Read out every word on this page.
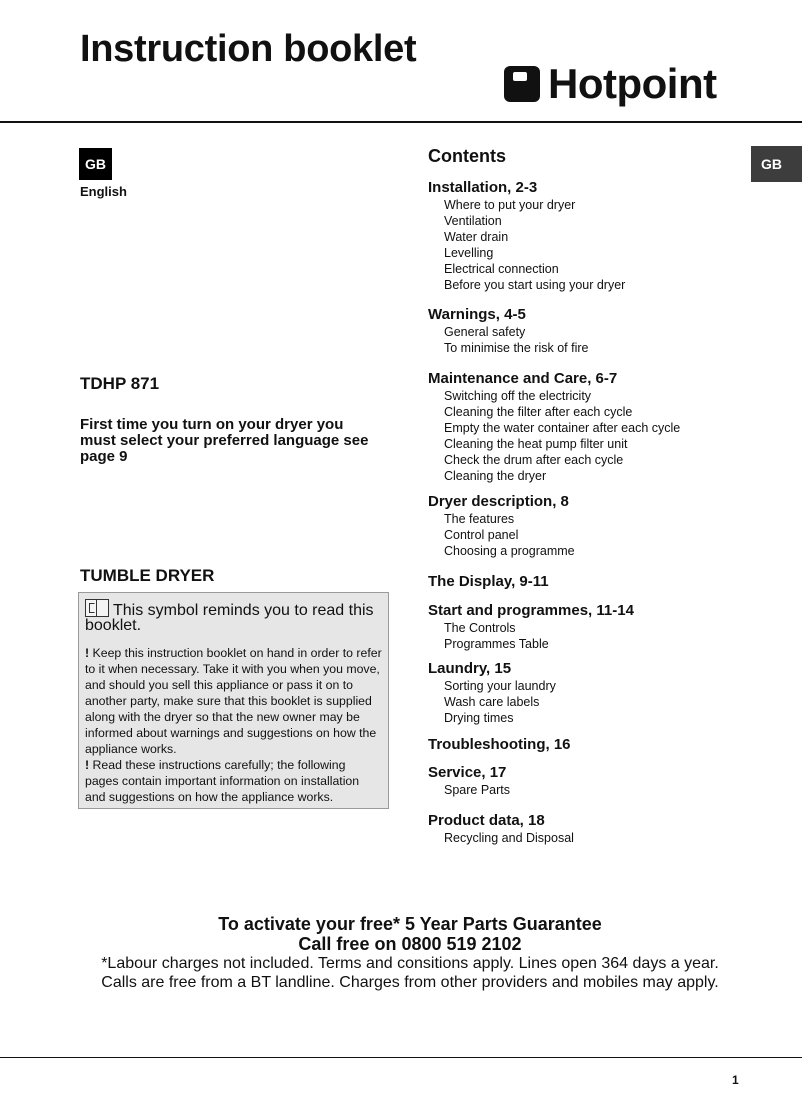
Instruction booklet
Hotpoint
GB
English
GB
TDHP 871
First time you turn on your dryer you must select your preferred language see page 9
TUMBLE DRYER
This symbol reminds you to read this booklet.

! Keep this instruction booklet on hand in order to refer to it when necessary. Take it with you when you move, and should you sell this appliance or pass it on to another party, make sure that this booklet is supplied along with the dryer so that the new owner may be informed about warnings and suggestions on how the appliance works.

! Read these instructions carefully; the following pages contain important information on installation and suggestions on how the appliance works.

Contents
Installation, 2-3
Where to put your dryer
Ventilation
Water drain
Levelling
Electrical connection
Before you start using your dryer
Warnings, 4-5
General safety
To minimise the risk of fire
Maintenance and Care, 6-7
Switching off the electricity
Cleaning the filter after each cycle
Empty the water container after each cycle
Cleaning the heat pump filter unit
Check the drum after each cycle
Cleaning the dryer
Dryer description, 8
The features
Control panel
Choosing a programme
The Display, 9-11
Start and programmes, 11-14
The Controls
Programmes Table
Laundry, 15
Sorting your laundry
Wash care labels
Drying times
Troubleshooting, 16
Service, 17
Spare Parts
Product data, 18
Recycling and Disposal
To activate your free* 5 Year Parts Guarantee
Call free on 0800 519 2102
*Labour charges not included. Terms and consitions apply. Lines open 364 days a year.
Calls are free from a BT landline. Charges from other providers and mobiles may apply.
1
